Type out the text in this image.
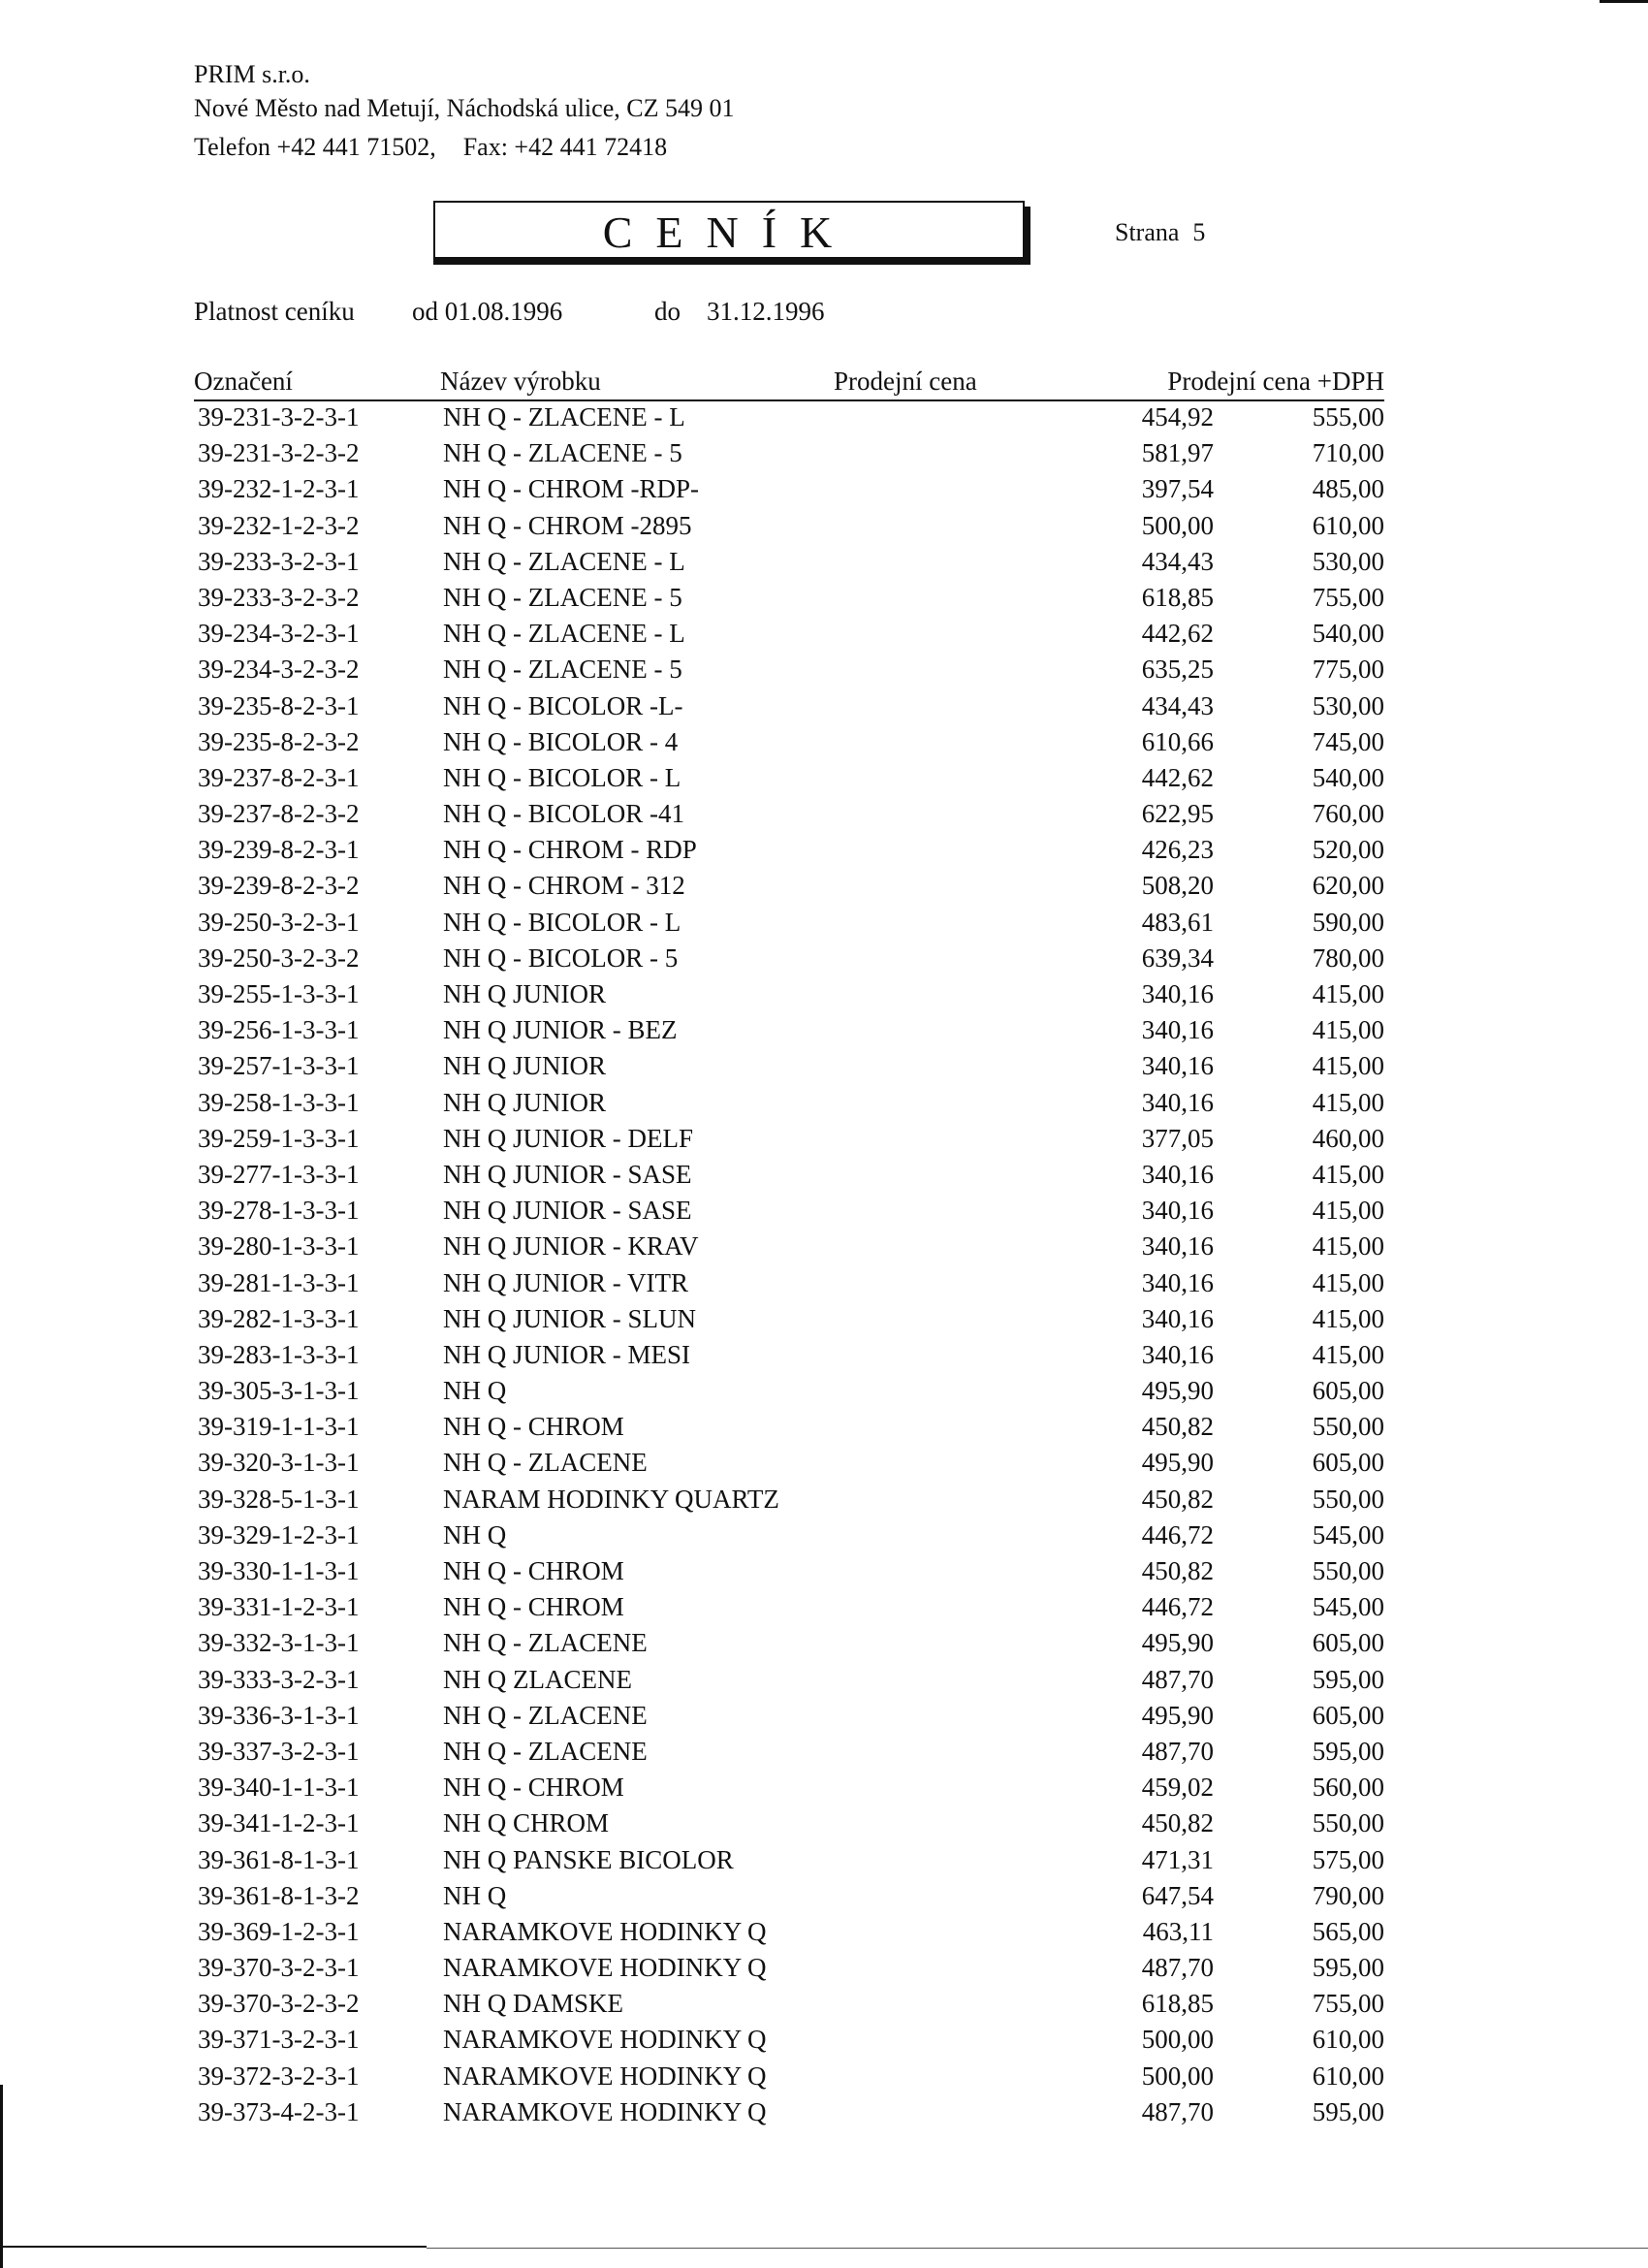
PRIM s.r.o.
Nové Město nad Metují, Náchodská ulice, CZ 549 01
Telefon +42 441 71502, Fax: +42 441 72418
CENÍK	Strana 5
Platnost ceníku od 01.08.1996	do 31.12.1996
Označení	Název výrobku	Prodejní cena	Prodejní cena +DPH
39-231-3-2-3-1	NH Q - ZLACENE - L	454,92	555,00
39-231-3-2-3-2	NH Q - ZLACENE - 5	581,97	710,00
39-232-1-2-3-1	NH Q - CHROM -RDP-	397,54	485,00
39-232-1-2-3-2	NH Q - CHROM -2895	500,00	610,00
39-233-3-2-3-1	NH Q - ZLACENE - L	434,43	530,00
39-233-3-2-3-2	NH Q - ZLACENE - 5	618,85	755,00
39-234-3-2-3-1	NH Q - ZLACENE - L	442,62	540,00
39-234-3-2-3-2	NH Q - ZLACENE - 5	635,25	775,00
39-235-8-2-3-1	NH Q - BICOLOR -L-	434,43	530,00
39-235-8-2-3-2	NH Q - BICOLOR - 4	610,66	745,00
39-237-8-2-3-1	NH Q - BICOLOR - L	442,62	540,00
39-237-8-2-3-2	NH Q - BICOLOR -41	622,95	760,00
39-239-8-2-3-1	NH Q - CHROM - RDP	426,23	520,00
39-239-8-2-3-2	NH Q - CHROM - 312	508,20	620,00
39-250-3-2-3-1	NH Q - BICOLOR - L	483,61	590,00
39-250-3-2-3-2	NH Q - BICOLOR - 5	639,34	780,00
39-255-1-3-3-1	NH Q JUNIOR	340,16	415,00
39-256-1-3-3-1	NH Q JUNIOR - BEZ	340,16	415,00
39-257-1-3-3-1	NH Q JUNIOR	340,16	415,00
39-258-1-3-3-1	NH Q JUNIOR	340,16	415,00
39-259-1-3-3-1	NH Q JUNIOR - DELF	377,05	460,00
39-277-1-3-3-1	NH Q JUNIOR - SASE	340,16	415,00
39-278-1-3-3-1	NH Q JUNIOR - SASE	340,16	415,00
39-280-1-3-3-1	NH Q JUNIOR - KRAV	340,16	415,00
39-281-1-3-3-1	NH Q JUNIOR - VITR	340,16	415,00
39-282-1-3-3-1	NH Q JUNIOR - SLUN	340,16	415,00
39-283-1-3-3-1	NH Q JUNIOR - MESI	340,16	415,00
39-305-3-1-3-1	NH Q	495,90	605,00
39-319-1-1-3-1	NH Q - CHROM	450,82	550,00
39-320-3-1-3-1	NH Q - ZLACENE	495,90	605,00
39-328-5-1-3-1	NARAM HODINKY QUARTZ	450,82	550,00
39-329-1-2-3-1	NH Q	446,72	545,00
39-330-1-1-3-1	NH Q - CHROM	450,82	550,00
39-331-1-2-3-1	NH Q - CHROM	446,72	545,00
39-332-3-1-3-1	NH Q - ZLACENE	495,90	605,00
39-333-3-2-3-1	NH Q ZLACENE	487,70	595,00
39-336-3-1-3-1	NH Q - ZLACENE	495,90	605,00
39-337-3-2-3-1	NH Q - ZLACENE	487,70	595,00
39-340-1-1-3-1	NH Q - CHROM	459,02	560,00
39-341-1-2-3-1	NH Q CHROM	450,82	550,00
39-361-8-1-3-1	NH Q PANSKE BICOLOR	471,31	575,00
39-361-8-1-3-2	NH Q	647,54	790,00
39-369-1-2-3-1	NARAMKOVE HODINKY Q	463,11	565,00
39-370-3-2-3-1	NARAMKOVE HODINKY Q	487,70	595,00
39-370-3-2-3-2	NH Q DAMSKE	618,85	755,00
39-371-3-2-3-1	NARAMKOVE HODINKY Q	500,00	610,00
39-372-3-2-3-1	NARAMKOVE HODINKY Q	500,00	610,00
39-373-4-2-3-1	NARAMKOVE HODINKY Q	487,70	595,00
